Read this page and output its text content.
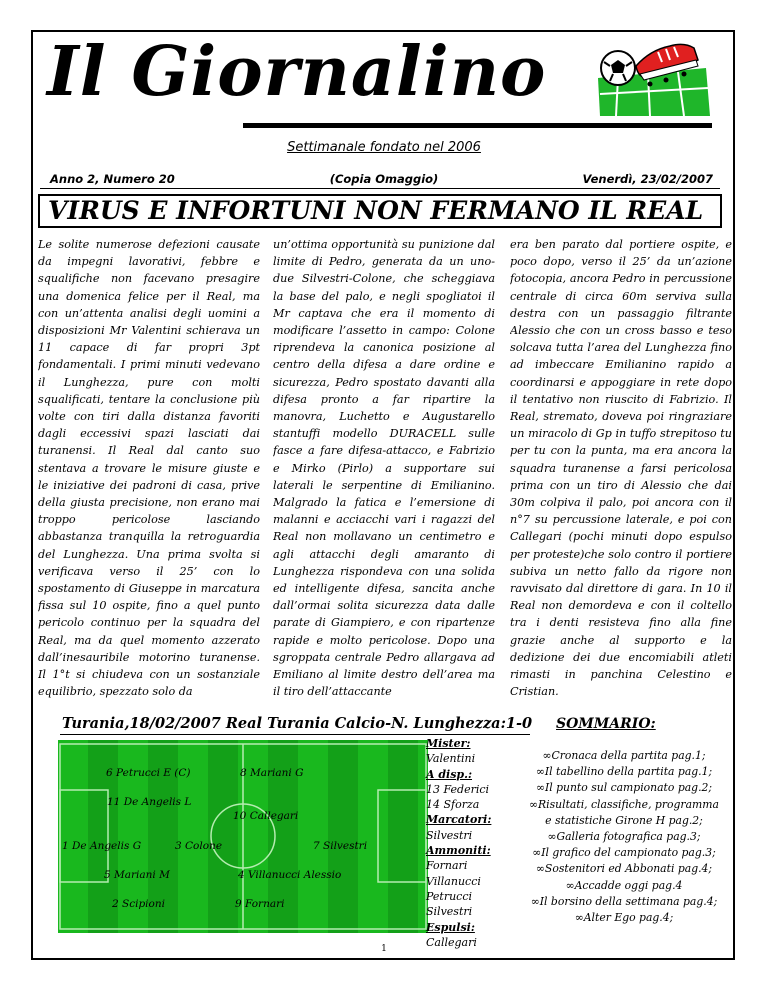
Il Giornalino
Settimanale fondato nel 2006
Anno 2, Numero 20	(Copia Omaggio)	Venerdì, 23/02/2007
VIRUS E INFORTUNI NON FERMANO IL REAL
Le solite numerose defezioni causate da impegni lavorativi, febbre e squalifiche non facevano presagire una domenica felice per il Real, ma con un’attenta analisi degli uomini a disposizioni Mr Valentini schierava un 11 capace di far propri 3pt fondamentali. I primi minuti vedevano il Lunghezza, pure con molti squalificati, tentare la conclusione più volte con tiri dalla distanza favoriti dagli eccessivi spazi lasciati dai turanensi. Il Real dal canto suo stentava a trovare le misure giuste e le iniziative dei padroni di casa, prive della giusta precisione, non erano mai troppo pericolose lasciando abbastanza tranquilla la retroguardia del Lunghezza. Una prima svolta si verificava verso il 25’ con lo spostamento di Giuseppe in marcatura fissa sul 10 ospite, fino a quel punto pericolo continuo per la squadra del Real, ma da quel momento azzerato dall’inesauribile motorino turanense. Il 1°t si chiudeva con un sostanziale equilibrio, spezzato solo da
un’ottima opportunità su punizione dal limite di Pedro, generata da un uno-due Silvestri-Colone, che scheggiava la base del palo, e negli spogliatoi il Mr captava che era il momento di modificare l’assetto in campo: Colone riprendeva la canonica posizione al centro della difesa a dare ordine e sicurezza, Pedro spostato davanti alla difesa pronto a far ripartire la manovra, Luchetto e Augustarello stantuffi modello DURACELL sulle fasce a fare difesa-attacco, e Fabrizio e Mirko (Pirlo) a supportare sui laterali le serpentine di Emilianino. Malgrado la fatica e l’emersione di malanni e acciacchi vari i ragazzi del Real non mollavano un centimetro e agli attacchi degli amaranto di Lunghezza rispondeva con una solida ed intelligente difesa, sancita anche dall’ormai solita sicurezza data dalle parate di Giampiero, e con ripartenze rapide e molto pericolose. Dopo una sgroppata centrale Pedro allargava ad Emiliano al limite destro dell’area ma il tiro dell’attaccante
era ben parato dal portiere ospite, e poco dopo, verso il 25’ da un’azione fotocopia, ancora Pedro in percussione centrale di circa 60m serviva sulla destra con un passaggio filtrante Alessio che con un cross basso e teso solcava tutta l’area del Lunghezza fino ad imbeccare Emilianino rapido a coordinarsi e appoggiare in rete dopo il tentativo non riuscito di Fabrizio. Il Real, stremato, doveva poi ringraziare un miracolo di Gp in tuffo strepitoso tu per tu con la punta, ma era ancora la squadra turanense a farsi pericolosa prima con un tiro di Alessio che dai 30m colpiva il palo, poi ancora con il n°7 su percussione laterale, e poi con Callegari (pochi minuti dopo espulso per proteste)che solo contro il portiere subiva un netto fallo da rigore non ravvisato dal direttore di gara. In 10 il Real non demordeva e con il coltello tra i denti resisteva fino alla fine grazie anche al supporto e la dedizione dei due encomiabili atleti rimasti in panchina Celestino e Cristian.
Turania,18/02/2007 Real Turania Calcio-N. Lunghezza:1-0 SOMMARIO:
6 Petrucci E (C)	8 Mariani G
11 De Angelis L
10 Callegari
1 De Angelis G	3 Colone	7 Silvestri
5 Mariani M	4 Villanucci Alessio
2 Scipioni	9 Fornari
Mister:
Valentini
A disp.:
13 Federici
14 Sforza
Marcatori:
Silvestri
Ammoniti:
Fornari
Villanucci
Petrucci
Silvestri
Espulsi:
Callegari
∞Cronaca della partita pag.1;
∞Il tabellino della partita pag.1;
∞Il punto sul campionato pag.2;
∞Risultati, classifiche, programma
e statistiche Girone H pag.2;
∞Galleria fotografica pag.3;
∞Il grafico del campionato pag.3;
∞Sostenitori ed Abbonati pag.4;
∞Accadde oggi pag.4
∞Il borsino della settimana pag.4;
∞Alter Ego pag.4;
1
